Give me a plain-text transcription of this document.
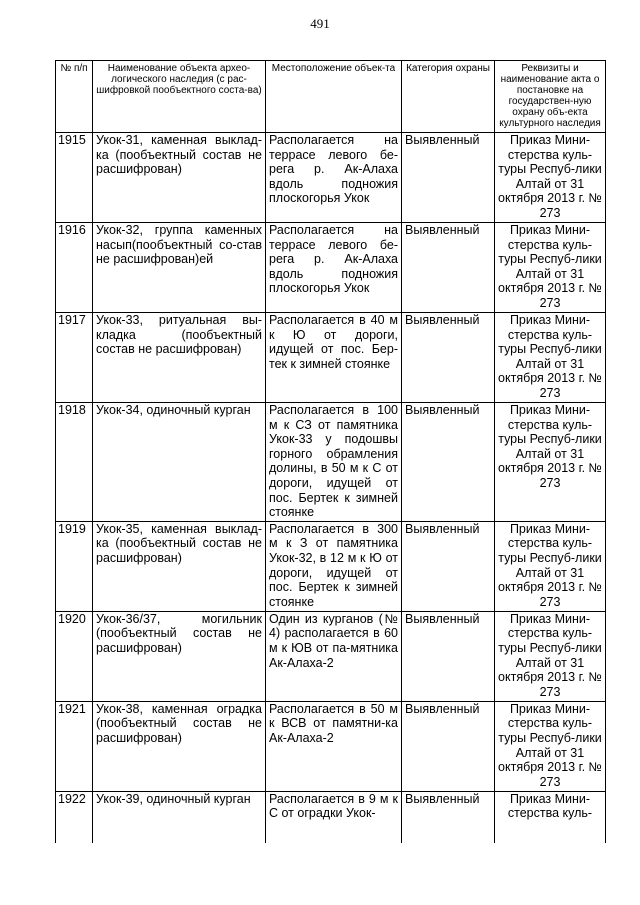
491
№ п/п	Наименование объекта архео-логического наследия (с рас-шифровкой пообъектного соста-ва)	Местоположение объек-та	Категория охраны	Реквизиты и наименование акта о постановке на государствен-ную охрану объ-екта культурного наследия
1915	Укок-31, каменная выклад-ка (пообъектный состав не расшифрован)	Располагается на террасе левого бе-рега р. Ак-Алаха вдоль подножия плоскогорья Укок	Выявленный	Приказ Мини-стерства куль-туры Респуб-лики Алтай от 31 октября 2013 г. № 273
1916	Укок-32, группа каменных насып(пообъектный со-став не расшифрован)ей	Располагается на террасе левого бе-рега р. Ак-Алаха вдоль подножия плоскогорья Укок	Выявленный	Приказ Мини-стерства куль-туры Респуб-лики Алтай от 31 октября 2013 г. № 273
1917	Укок-33, ритуальная вы-кладка (пообъектный состав не расшифрован)	Располагается в 40 м к Ю от дороги, идущей от пос. Бер-тек к зимней стоянке	Выявленный	Приказ Мини-стерства куль-туры Респуб-лики Алтай от 31 октября 2013 г. № 273
1918	Укок-34, одиночный курган	Располагается в 100 м к СЗ от памятника Укок-33 у подошвы горного обрамления долины, в 50 м к С от дороги, идущей от пос. Бертек к зимней стоянке	Выявленный	Приказ Мини-стерства куль-туры Респуб-лики Алтай от 31 октября 2013 г. № 273
1919	Укок-35, каменная выклад-ка (пообъектный состав не расшифрован)	Располагается в 300 м к З от памятника Укок-32, в 12 м к Ю от дороги, идущей от пос. Бертек к зимней стоянке	Выявленный	Приказ Мини-стерства куль-туры Респуб-лики Алтай от 31 октября 2013 г. № 273
1920	Укок-36/37, могильник (пообъектный состав не расшифрован)	Один из курганов (№ 4) располагается в 60 м к ЮВ от па-мятника Ак-Алаха-2	Выявленный	Приказ Мини-стерства куль-туры Респуб-лики Алтай от 31 октября 2013 г. № 273
1921	Укок-38, каменная оградка (пообъектный состав не расшифрован)	Располагается в 50 м к ВСВ от памятни-ка Ак-Алаха-2	Выявленный	Приказ Мини-стерства куль-туры Респуб-лики Алтай от 31 октября 2013 г. № 273
1922	Укок-39, одиночный курган	Располагается в 9 м к С от оградки Укок-	Выявленный	Приказ Мини-стерства куль-
